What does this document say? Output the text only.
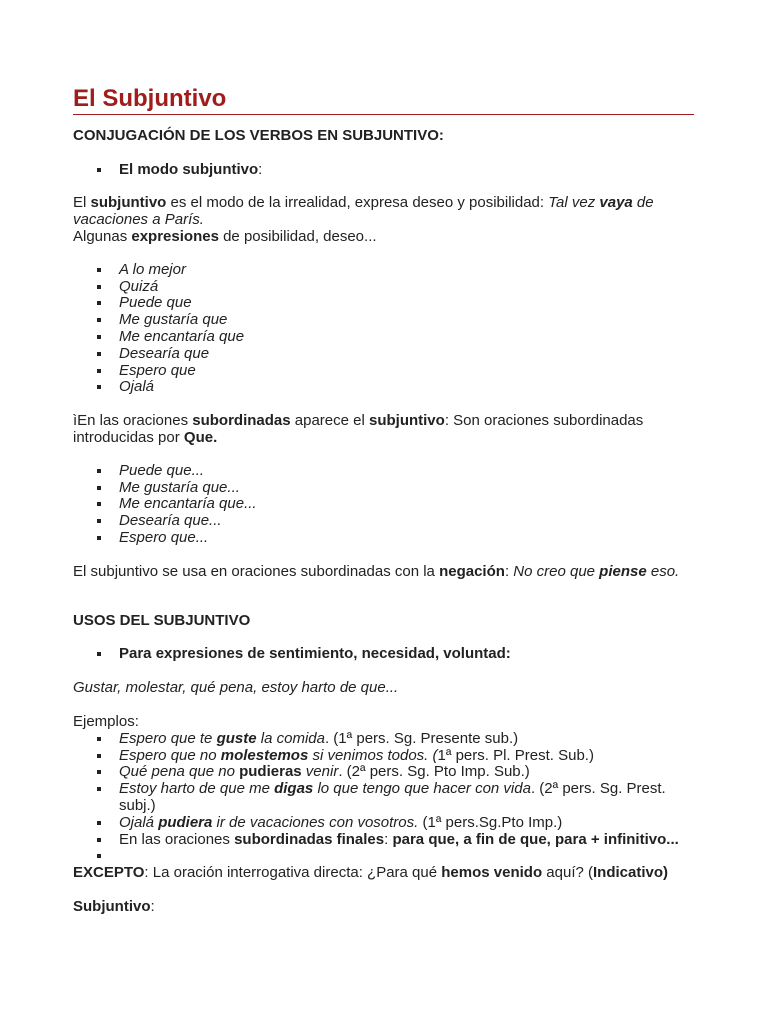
El Subjuntivo

CONJUGACIÓN DE LOS VERBOS EN SUBJUNTIVO:

El modo subjuntivo:

El subjuntivo es el modo de la irrealidad, expresa deseo y posibilidad: Tal vez vaya de vacaciones a París.

Algunas expresiones de posibilidad, deseo...

A lo mejor
Quizá
Puede que
Me gustaría que
Me encantaría que
Desearía que
Espero que
Ojalá

ìEn las oraciones subordinadas aparece el subjuntivo: Son oraciones subordinadas introducidas por Que.

Puede que...
Me gustaría que...
Me encantaría que...
Desearía que...
Espero que...

El subjuntivo se usa en oraciones subordinadas con la negación: No creo que piense eso.

USOS DEL SUBJUNTIVO

Para expresiones de sentimiento, necesidad, voluntad:

Gustar, molestar, qué pena, estoy harto de que...

Ejemplos:

Espero que te guste la comida. (1ª pers. Sg. Presente sub.)
Espero que no molestemos si venimos todos. (1ª pers. Pl. Prest. Sub.)
Qué pena que no pudieras venir. (2ª pers. Sg. Pto Imp. Sub.)
Estoy harto de que me digas lo que tengo que hacer con vida. (2ª pers. Sg. Prest. subj.)
Ojalá pudiera ir de vacaciones con vosotros. (1ª pers.Sg.Pto Imp.)
En las oraciones subordinadas finales: para que, a fin de que, para + infinitivo...

EXCEPTO: La oración interrogativa directa: ¿Para qué hemos venido aquí? (Indicativo)

Subjuntivo:
